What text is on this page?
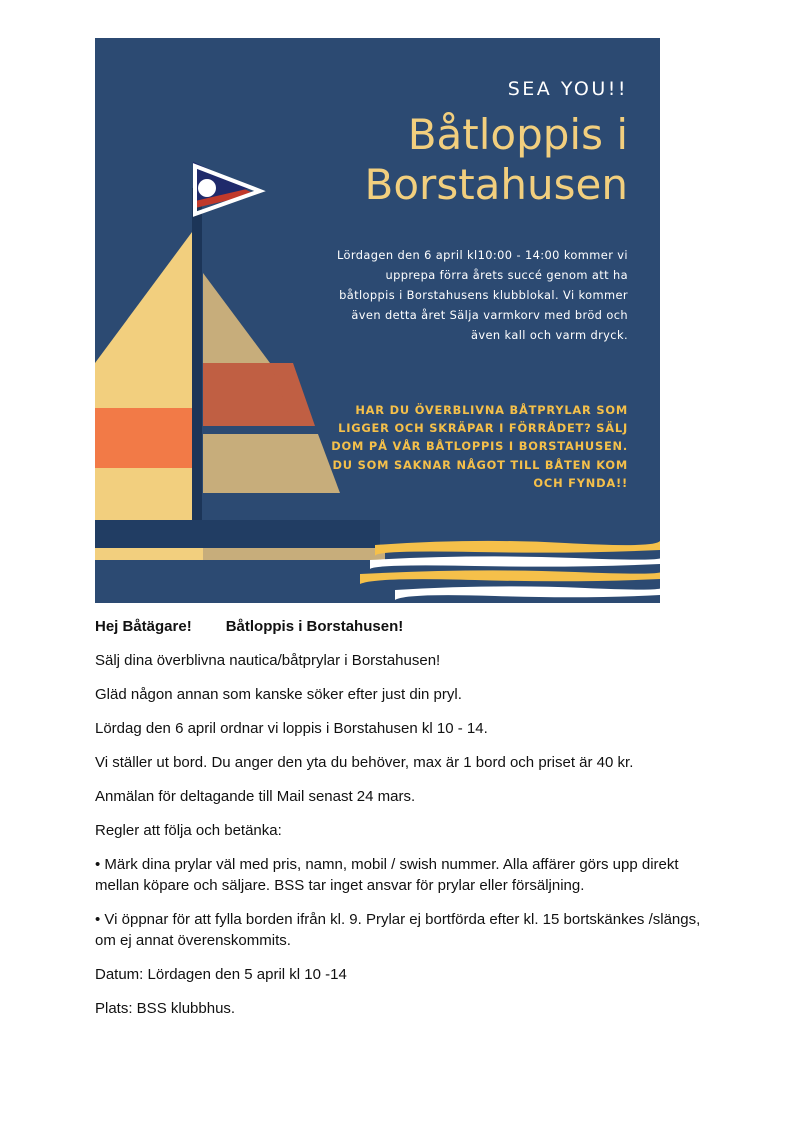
SEA YOU!!
Båtloppis i
Borstahusen
Lördagen den 6 april kl10:00 - 14:00 kommer vi upprepa förra årets succé genom att ha båtloppis i Borstahusens klubblokal. Vi kommer även detta året Sälja varmkorv med bröd och även kall och varm dryck.
HAR DU ÖVERBLIVNA BÅTPRYLAR SOM LIGGER OCH SKRÄPAR I FÖRRÅDET? SÄLJ DOM PÅ VÅR BÅTLOPPIS I BORSTAHUSEN. DU SOM SAKNAR NÅGOT TILL BÅTEN KOM OCH FYNDA!!

Hej Båtägare! Båtloppis i Borstahusen!

Sälj dina överblivna nautica/båtprylar i Borstahusen!

Gläd någon annan som kanske söker efter just din pryl.

Lördag den 6 april ordnar vi loppis i Borstahusen kl 10 - 14.

Vi ställer ut bord. Du anger den yta du behöver, max är 1 bord och priset är 40 kr.

Anmälan för deltagande till Mail senast 24 mars.

Regler att följa och betänka:

• Märk dina prylar väl med pris, namn, mobil / swish nummer. Alla affärer görs upp direkt mellan köpare och säljare. BSS tar inget ansvar för prylar eller försäljning.

• Vi öppnar för att fylla borden ifrån kl. 9. Prylar ej bortförda efter kl. 15 bortskänkes /slängs, om ej annat överenskommits.

Datum: Lördagen den 5 april kl 10 -14

Plats: BSS klubbhus.
